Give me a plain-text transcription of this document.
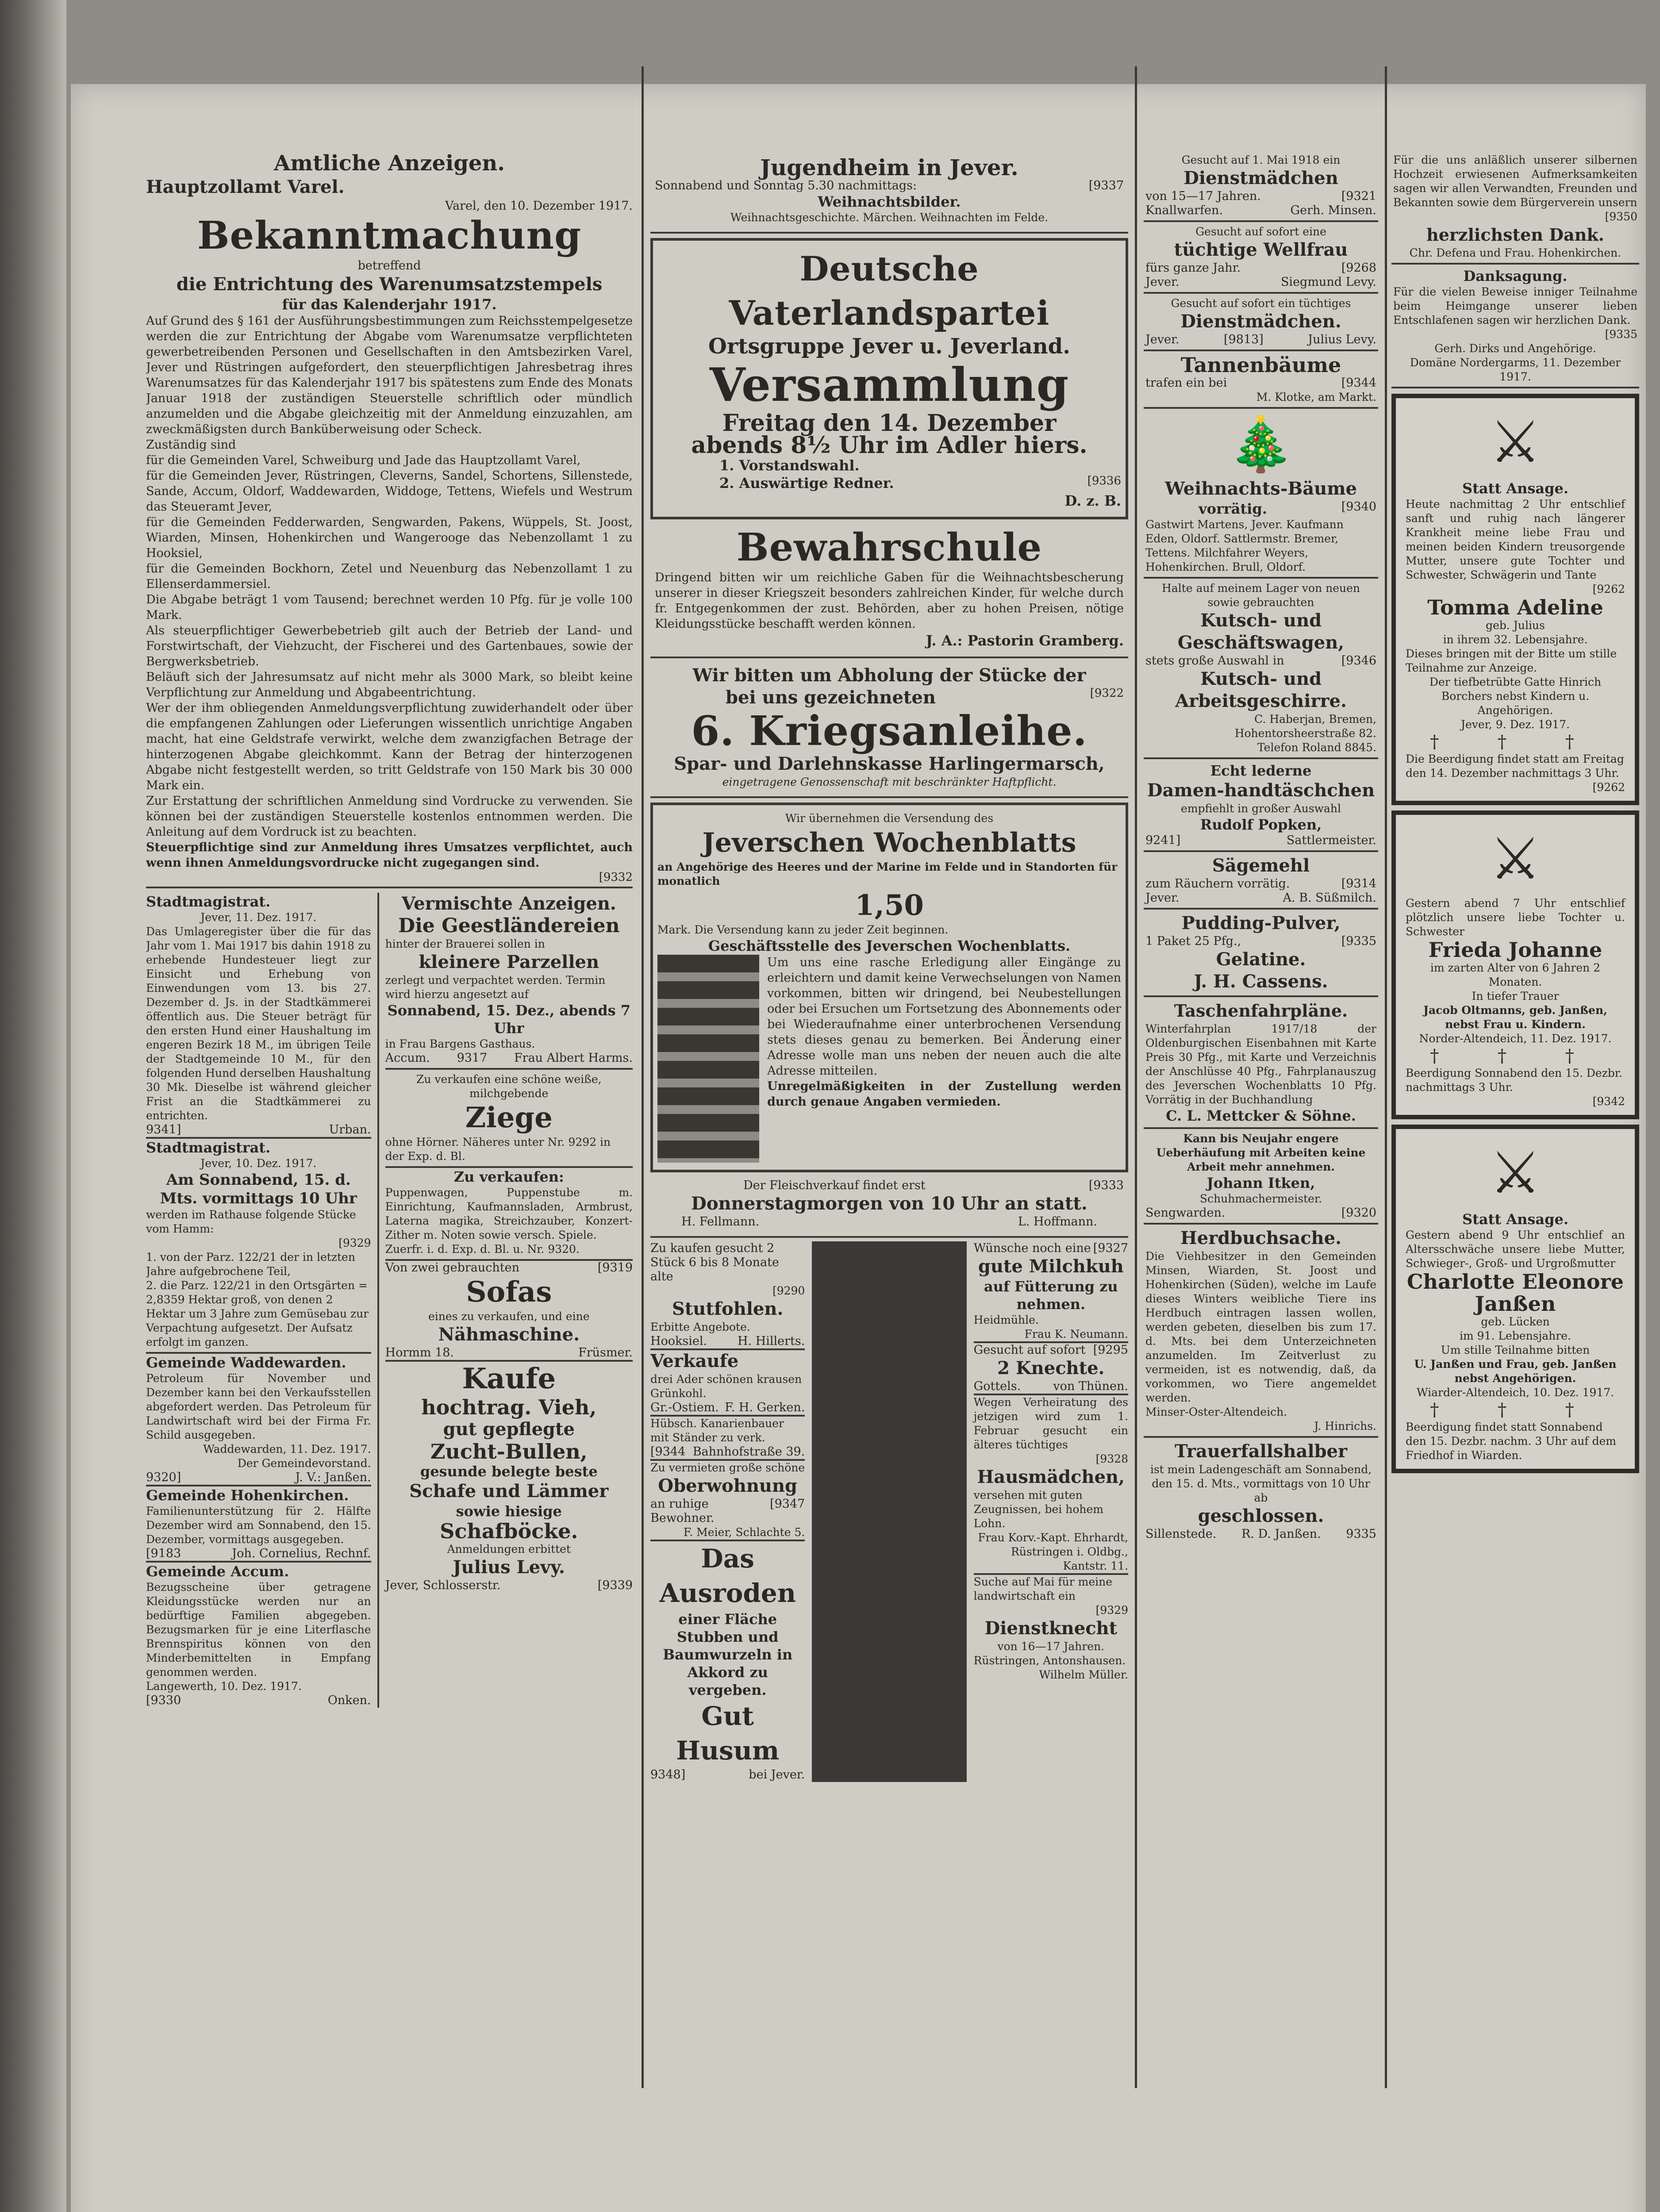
Amtliche Anzeigen.
Hauptzollamt Varel.
Varel, den 10. Dezember 1917.
Bekanntmachung
betreffend
die Entrichtung des Warenumsatzstempels
für das Kalenderjahr 1917.
Auf Grund des § 161 der Ausführungsbestimmungen zum Reichsstempelgesetze werden die zur Entrichtung der Abgabe vom Warenumsatze verpflichteten gewerbetreibenden Personen und Gesellschaften in den Amtsbezirken Varel, Jever und Rüstringen aufgefordert, den steuerpflichtigen Jahresbetrag ihres Warenumsatzes für das Kalenderjahr 1917 bis spätestens zum Ende des Monats Januar 1918 der zuständigen Steuerstelle schriftlich oder mündlich anzumelden und die Abgabe gleichzeitig mit der Anmeldung einzuzahlen, am zweckmäßigsten durch Banküberweisung oder Scheck.
Zuständig sind
für die Gemeinden Varel, Schweiburg und Jade das Hauptzollamt Varel,
für die Gemeinden Jever, Rüstringen, Cleverns, Sandel, Schortens, Sillenstede, Sande, Accum, Oldorf, Waddewarden, Widdoge, Tettens, Wiefels und Westrum das Steueramt Jever,
für die Gemeinden Fedderwarden, Sengwarden, Pakens, Wüppels, St. Joost, Wiarden, Minsen, Hohenkirchen und Wangerooge das Nebenzollamt 1 zu Hooksiel,
für die Gemeinden Bockhorn, Zetel und Neuenburg das Nebenzollamt 1 zu Ellenserdammersiel.
Die Abgabe beträgt 1 vom Tausend; berechnet werden 10 Pfg. für je volle 100 Mark.
Als steuerpflichtiger Gewerbebetrieb gilt auch der Betrieb der Land- und Forstwirtschaft, der Viehzucht, der Fischerei und des Gartenbaues, sowie der Bergwerksbetrieb.
Beläuft sich der Jahresumsatz auf nicht mehr als 3000 Mark, so bleibt keine Verpflichtung zur Anmeldung und Abgabeentrichtung.
Wer der ihm obliegenden Anmeldungsverpflichtung zuwiderhandelt oder über die empfangenen Zahlungen oder Lieferungen wissentlich unrichtige Angaben macht, hat eine Geldstrafe verwirkt, welche dem zwanzigfachen Betrage der hinterzogenen Abgabe gleichkommt. Kann der Betrag der hinterzogenen Abgabe nicht festgestellt werden, so tritt Geldstrafe von 150 Mark bis 30 000 Mark ein.
Zur Erstattung der schriftlichen Anmeldung sind Vordrucke zu verwenden. Sie können bei der zuständigen Steuerstelle kostenlos entnommen werden. Die Anleitung auf dem Vordruck ist zu beachten.
Steuerpflichtige sind zur Anmeldung ihres Umsatzes verpflichtet, auch wenn ihnen Anmeldungsvordrucke nicht zugegangen sind.
[9332
Stadtmagistrat.
Jever, 11. Dez. 1917.
Das Umlageregister über die für das Jahr vom 1. Mai 1917 bis dahin 1918 zu erhebende Hundesteuer liegt zur Einsicht und Erhebung von Einwendungen vom 13. bis 27. Dezember d. Js. in der Stadtkämmerei öffentlich aus. Die Steuer beträgt für den ersten Hund einer Haushaltung im engeren Bezirk 18 M., im übrigen Teile der Stadtgemeinde 10 M., für den folgenden Hund derselben Haushaltung 30 Mk. Dieselbe ist während gleicher Frist an die Stadtkämmerei zu entrichten.
9341]	Urban.
Stadtmagistrat.
Jever, 10. Dez. 1917.
Am Sonnabend, 15. d. Mts. vormittags 10 Uhr
werden im Rathause folgende Stücke vom Hamm:
[9329
1. von der Parz. 122/21 der in letzten Jahre aufgebrochene Teil,
2. die Parz. 122/21 in den Ortsgärten = 2,8359 Hektar groß, von denen 2 Hektar um 3 Jahre zum Gemüsebau zur Verpachtung aufgesetzt. Der Aufsatz erfolgt im ganzen.
Gemeinde Waddewarden.
Petroleum für November und Dezember kann bei den Verkaufsstellen abgefordert werden. Das Petroleum für Landwirtschaft wird bei der Firma Fr. Schild ausgegeben.
Waddewarden, 11. Dez. 1917.
Der Gemeindevorstand.
9320]	J. V.: Janßen.
Gemeinde Hohenkirchen.
Familienunterstützung für 2. Hälfte Dezember wird am Sonnabend, den 15. Dezember, vormittags ausgegeben.
[9183	Joh. Cornelius, Rechnf.
Gemeinde Accum.
Bezugsscheine über getragene Kleidungsstücke werden nur an bedürftige Familien abgegeben. Bezugsmarken für je eine Literflasche Brennspiritus können von den Minderbemittelten in Empfang genommen werden.
Langewerth, 10. Dez. 1917.
[9330	Onken.
Vermischte Anzeigen.
Die Geestländereien
hinter der Brauerei sollen in
kleinere Parzellen
zerlegt und verpachtet werden. Termin wird hierzu angesetzt auf
Sonnabend, 15. Dez., abends 7 Uhr
in Frau Bargens Gasthaus.
Accum. 9317 Frau Albert Harms.
Zu verkaufen eine schöne weiße, milchgebende
Ziege
ohne Hörner. Näheres unter Nr. 9292 in der Exp. d. Bl.
Zu verkaufen:
Puppenwagen, Puppenstube m. Einrichtung, Kaufmannsladen, Armbrust, Laterna magika, Streichzauber, Konzert-Zither m. Noten sowie versch. Spiele.
Zuerfr. i. d. Exp. d. Bl. u. Nr. 9320.
Von zwei gebrauchten	[9319
Sofas
eines zu verkaufen, und eine
Nähmaschine.
Hormm 18.	Früsmer.
Kaufe
hochtrag. Vieh,
gut gepflegte
Zucht-Bullen,
gesunde belegte beste
Schafe und Lämmer
sowie hiesige
Schafböcke.
Anmeldungen erbittet
Julius Levy.
Jever, Schlosserstr.	[9339
Jugendheim in Jever.
Sonnabend und Sonntag 5.30 nachmittags:	[9337
Weihnachtsbilder.
Weihnachtsgeschichte. Märchen. Weihnachten im Felde.
Deutsche Vaterlandspartei
Ortsgruppe Jever u. Jeverland.
Versammlung
Freitag den 14. Dezember
abends 8½ Uhr im Adler hiers.
1. Vorstandswahl.
2. Auswärtige Redner.	[9336
D. z. B.
Bewahrschule
Dringend bitten wir um reichliche Gaben für die Weihnachtsbescherung unserer in dieser Kriegszeit besonders zahlreichen Kinder, für welche durch fr. Entgegenkommen der zust. Behörden, aber zu hohen Preisen, nötige Kleidungsstücke beschafft werden können.
J. A.: Pastorin Gramberg.
Wir bitten um Abholung der Stücke der
bei uns gezeichneten	[9322
6. Kriegsanleihe.
Spar- und Darlehnskasse Harlingermarsch,
eingetragene Genossenschaft mit beschränkter Haftpflicht.
Wir übernehmen die Versendung des
Jeverschen Wochenblatts
an Angehörige des Heeres und der Marine im Felde und in Standorten für monatlich
1,50
Mark. Die Versendung kann zu jeder Zeit beginnen.
Geschäftsstelle des Jeverschen Wochenblatts.
Um uns eine rasche Erledigung aller Eingänge zu erleichtern und damit keine Verwechselungen von Namen vorkommen, bitten wir dringend, bei Neubestellungen oder bei Ersuchen um Fortsetzung des Abonnements oder bei Wiederaufnahme einer unterbrochenen Versendung stets dieses genau zu bemerken. Bei Änderung einer Adresse wolle man uns neben der neuen auch die alte Adresse mitteilen.
Unregelmäßigkeiten in der Zustellung werden durch genaue Angaben vermieden.
Der Fleischverkauf findet erst	[9333
Donnerstagmorgen von 10 Uhr an statt.
H. Fellmann.	L. Hoffmann.
Zu kaufen gesucht 2 Stück 6 bis 8 Monate alte
[9290
Stutfohlen.
Erbitte Angebote.
Hooksiel.	H. Hillerts.
Verkaufe
drei Ader schönen krausen Grünkohl.
Gr.-Ostiem. F. H. Gerken.
Hübsch. Kanarienbauer mit Ständer zu verk.
[9344 Bahnhofstraße 39.
Zu vermieten große schöne
Oberwohnung
an ruhige Bewohner.
[9347
F. Meier, Schlachte 5.
Das Ausroden
einer Fläche Stubben und Baumwurzeln in Akkord zu vergeben.
Gut Husum
9348]	bei Jever.
Wünsche noch eine [9327
gute Milchkuh
auf Fütterung zu nehmen.
Heidmühle.
Frau K. Neumann.
Gesucht auf sofort [9295
2 Knechte.
Gottels.	von Thünen.
Wegen Verheiratung des jetzigen wird zum 1. Februar gesucht ein älteres tüchtiges
[9328
Hausmädchen,
versehen mit guten Zeugnissen, bei hohem Lohn.
Frau Korv.-Kapt. Ehrhardt, Rüstringen i. Oldbg., Kantstr. 11.
Suche auf Mai für meine landwirtschaft ein
[9329
Dienstknecht
von 16—17 Jahren.
Rüstringen, Antonshausen.
Wilhelm Müller.
Gesucht auf 1. Mai 1918 ein
Dienstmädchen
von 15—17 Jahren.	[9321
Knallwarfen.	Gerh. Minsen.
Gesucht auf sofort eine
tüchtige Wellfrau
fürs ganze Jahr.	[9268
Jever.	Siegmund Levy.
Gesucht auf sofort ein tüchtiges
Dienstmädchen.
Jever.	[9813]	Julius Levy.
Tannenbäume
trafen ein bei	[9344
M. Klotke, am Markt.
🎄
Weihnachts-Bäume
vorrätig.	[9340
Gastwirt Martens, Jever. Kaufmann Eden, Oldorf. Sattlermstr. Bremer, Tettens. Milchfahrer Weyers, Hohenkirchen. Brull, Oldorf.
Halte auf meinem Lager von neuen sowie gebrauchten
Kutsch- und Geschäftswagen,
stets große Auswahl in	[9346
Kutsch- und Arbeitsgeschirre.
C. Haberjan, Bremen,
Hohentorsheerstraße 82.
Telefon Roland 8845.
Echt lederne
Damen-handtäschchen
empfiehlt in großer Auswahl
Rudolf Popken,
9241]	Sattlermeister.
Sägemehl
zum Räuchern vorrätig.	[9314
Jever.	A. B. Süßmilch.
Pudding-Pulver,
1 Paket 25 Pfg.,	[9335
Gelatine.
J. H. Cassens.
Taschenfahrpläne.
Winterfahrplan 1917/18 der Oldenburgischen Eisenbahnen mit Karte Preis 30 Pfg., mit Karte und Verzeichnis der Anschlüsse 40 Pfg., Fahrplanauszug des Jeverschen Wochenblatts 10 Pfg. Vorrätig in der Buchhandlung
C. L. Mettcker & Söhne.
Kann bis Neujahr engere Ueberhäufung mit Arbeiten keine Arbeit mehr annehmen.
Johann Itken,
Schuhmachermeister.
Sengwarden.	[9320
Herdbuchsache.
Die Viehbesitzer in den Gemeinden Minsen, Wiarden, St. Joost und Hohenkirchen (Süden), welche im Laufe dieses Winters weibliche Tiere ins Herdbuch eintragen lassen wollen, werden gebeten, dieselben bis zum 17. d. Mts. bei dem Unterzeichneten anzumelden. Im Zeitverlust zu vermeiden, ist es notwendig, daß, da vorkommen, wo Tiere angemeldet werden.
Minser-Oster-Altendeich.
J. Hinrichs.
Trauerfallshalber
ist mein Ladengeschäft am Sonnabend, den 15. d. Mts., vormittags von 10 Uhr ab
geschlossen.
Sillenstede. R. D. Janßen. 9335
Für die uns anläßlich unserer silbernen Hochzeit erwiesenen Aufmerksamkeiten sagen wir allen Verwandten, Freunden und Bekannten sowie dem Bürgerverein unsern
[9350
herzlichsten Dank.
Chr. Defena und Frau. Hohenkirchen.
Danksagung.
Für die vielen Beweise inniger Teilnahme beim Heimgange unserer lieben Entschlafenen sagen wir herzlichen Dank.
[9335
Gerh. Dirks und Angehörige.
Domäne Nordergarms, 11. Dezember 1917.
⚔
Statt Ansage.
Heute nachmittag 2 Uhr entschlief sanft und ruhig nach längerer Krankheit meine liebe Frau und meinen beiden Kindern treusorgende Mutter, unsere gute Tochter und Schwester, Schwägerin und Tante
[9262
Tomma Adeline
geb. Julius
in ihrem 32. Lebensjahre.
Dieses bringen mit der Bitte um stille Teilnahme zur Anzeige.
Der tiefbetrübte Gatte Hinrich Borchers nebst Kindern u. Angehörigen.
Jever, 9. Dez. 1917.
† † †
Die Beerdigung findet statt am Freitag den 14. Dezember nachmittags 3 Uhr.
[9262
⚔
Gestern abend 7 Uhr entschlief plötzlich unsere liebe Tochter u. Schwester
Frieda Johanne
im zarten Alter von 6 Jahren 2 Monaten.
In tiefer Trauer
Jacob Oltmanns, geb. Janßen, nebst Frau u. Kindern.
Norder-Altendeich, 11. Dez. 1917.
† † †
Beerdigung Sonnabend den 15. Dezbr. nachmittags 3 Uhr.
[9342
⚔
Statt Ansage.
Gestern abend 9 Uhr entschlief an Altersschwäche unsere liebe Mutter, Schwieger-, Groß- und Urgroßmutter
Charlotte Eleonore Janßen
geb. Lücken
im 91. Lebensjahre.
Um stille Teilnahme bitten
U. Janßen und Frau, geb. Janßen nebst Angehörigen.
Wiarder-Altendeich, 10. Dez. 1917.
† † †
Beerdigung findet statt Sonnabend den 15. Dezbr. nachm. 3 Uhr auf dem Friedhof in Wiarden.
